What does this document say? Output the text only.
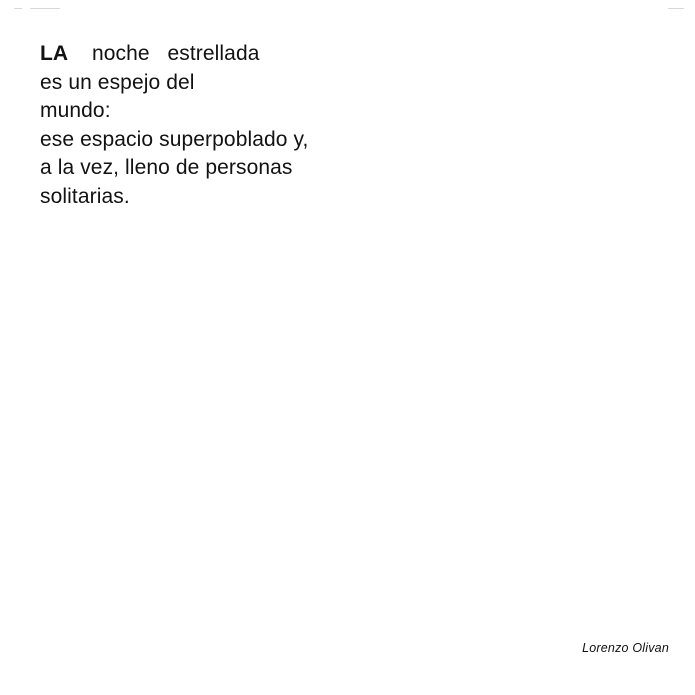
LA    noche   estrellada
es un espejo del
mundo:
ese espacio superpoblado y,
a la vez, lleno de personas
solitarias.
Lorenzo Olivan
